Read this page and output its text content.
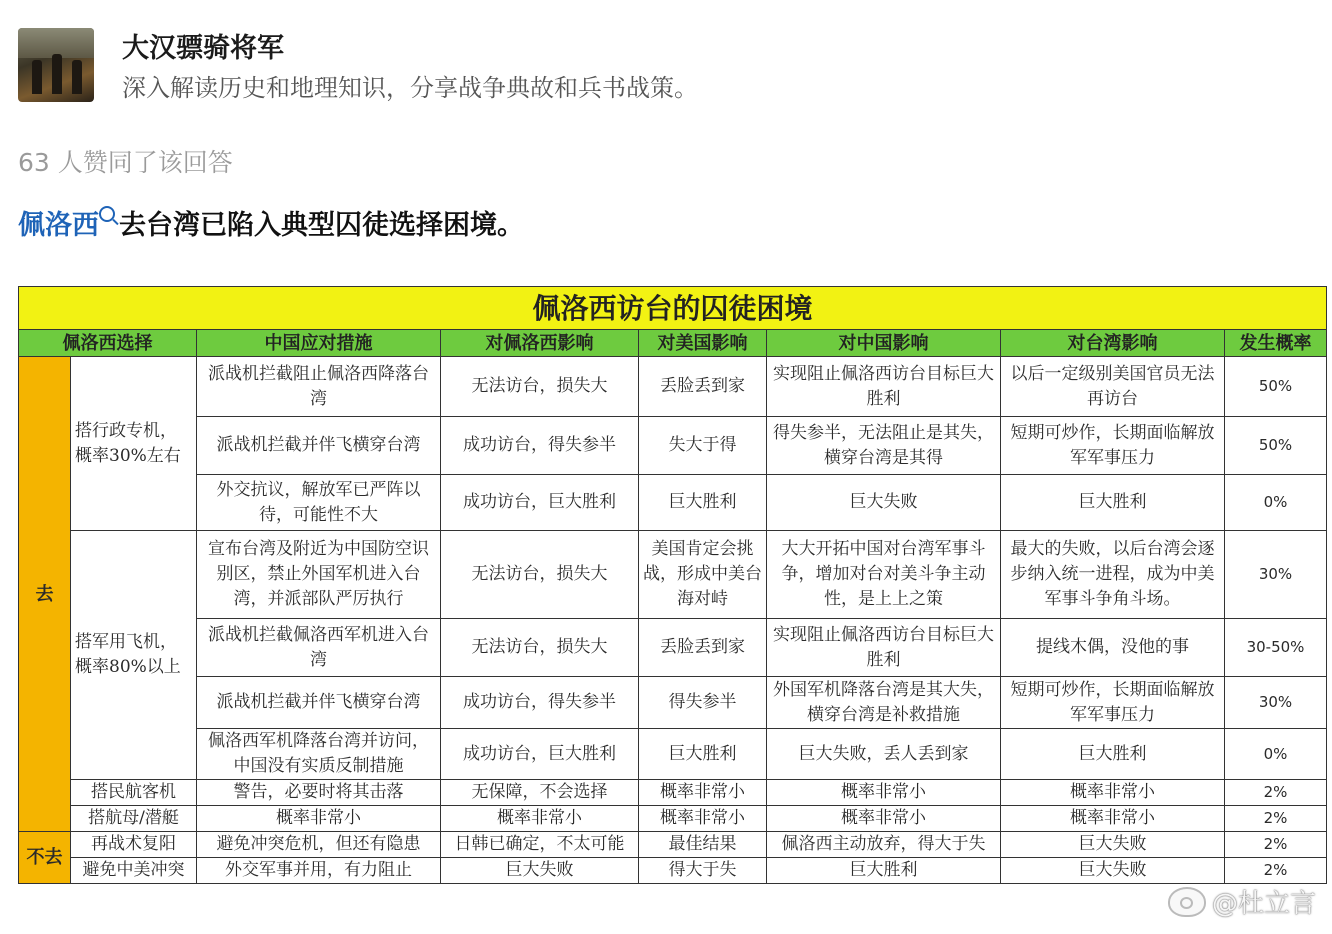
大汉骠骑将军
深入解读历史和地理知识，分享战争典故和兵书战策。
63 人赞同了该回答
佩洛西 去台湾已陷入典型囚徒选择困境。
佩洛西访台的囚徒困境							
佩洛西选择		中国应对措施	对佩洛西影响	对美国影响	对中国影响	对台湾影响	发生概率
去	搭行政专机，概率30%左右	派战机拦截阻止佩洛西降落台湾	无法访台，损失大	丢脸丢到家	实现阻止佩洛西访台目标巨大胜利	以后一定级别美国官员无法再访台	50%
		派战机拦截并伴飞横穿台湾	成功访台，得失参半	失大于得	得失参半，无法阻止是其失，横穿台湾是其得	短期可炒作，长期面临解放军军事压力	50%
		外交抗议，解放军已严阵以待，可能性不大	成功访台，巨大胜利	巨大胜利	巨大失败	巨大胜利	0%
	搭军用飞机，概率80%以上	宣布台湾及附近为中国防空识别区，禁止外国军机进入台湾，并派部队严厉执行	无法访台，损失大	美国肯定会挑战，形成中美台海对峙	大大开拓中国对台湾军事斗争，增加对台对美斗争主动性，是上上之策	最大的失败，以后台湾会逐步纳入统一进程，成为中美军事斗争角斗场。	30%
		派战机拦截佩洛西军机进入台湾	无法访台，损失大	丢脸丢到家	实现阻止佩洛西访台目标巨大胜利	提线木偶，没他的事	30-50%
		派战机拦截并伴飞横穿台湾	成功访台，得失参半	得失参半	外国军机降落台湾是其大失，横穿台湾是补救措施	短期可炒作，长期面临解放军军事压力	30%
		佩洛西军机降落台湾并访问，中国没有实质反制措施	成功访台，巨大胜利	巨大胜利	巨大失败，丢人丢到家	巨大胜利	0%
	搭民航客机	警告，必要时将其击落	无保障，不会选择	概率非常小	概率非常小	概率非常小	2%
	搭航母/潜艇	概率非常小	概率非常小	概率非常小	概率非常小	概率非常小	2%
不去	再战术复阳	避免冲突危机，但还有隐患	日韩已确定，不太可能	最佳结果	佩洛西主动放弃，得大于失	巨大失败	2%
	避免中美冲突	外交军事并用，有力阻止	巨大失败	得大于失	巨大胜利	巨大失败	2%
@杜立言
